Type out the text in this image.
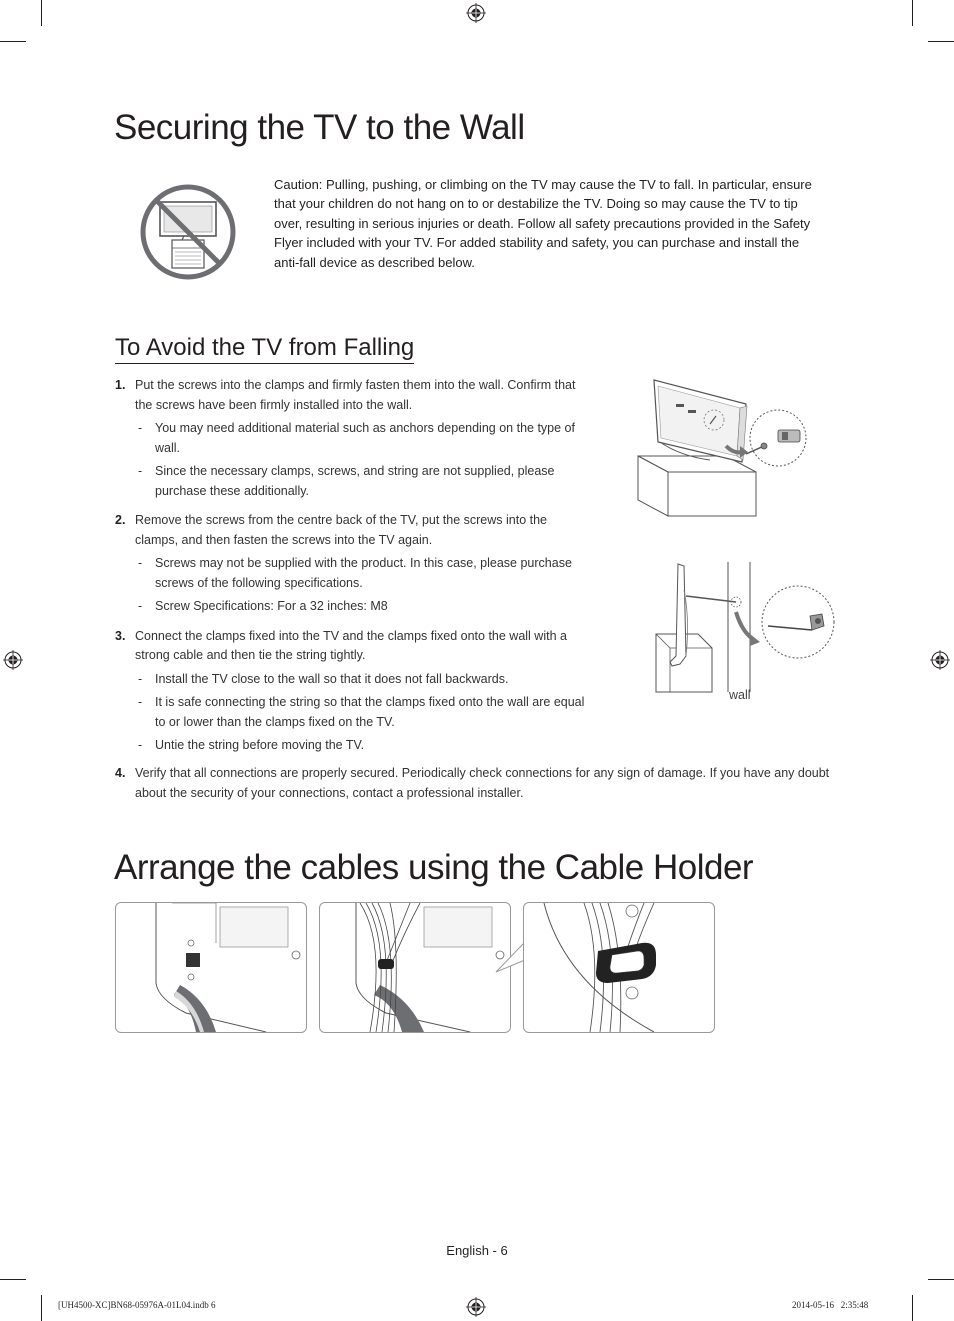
Securing the TV to the Wall
Caution: Pulling, pushing, or climbing on the TV may cause the TV to fall. In particular, ensure that your children do not hang on to or destabilize the TV. Doing so may cause the TV to tip over, resulting in serious injuries or death. Follow all safety precautions provided in the Safety Flyer included with your TV. For added stability and safety, you can purchase and install the anti-fall device as described below.
To Avoid the TV from Falling
1. Put the screws into the clamps and firmly fasten them into the wall. Confirm that the screws have been firmly installed into the wall.
- You may need additional material such as anchors depending on the type of wall.
- Since the necessary clamps, screws, and string are not supplied, please purchase these additionally.
2. Remove the screws from the centre back of the TV, put the screws into the clamps, and then fasten the screws into the TV again.
- Screws may not be supplied with the product. In this case, please purchase screws of the following specifications.
- Screw Specifications: For a 32 inches: M8
3. Connect the clamps fixed into the TV and the clamps fixed onto the wall with a strong cable and then tie the string tightly.
- Install the TV close to the wall so that it does not fall backwards.
- It is safe connecting the string so that the clamps fixed onto the wall are equal to or lower than the clamps fixed on the TV.
- Untie the string before moving the TV.
4. Verify that all connections are properly secured. Periodically check connections for any sign of damage. If you have any doubt about the security of your connections, contact a professional installer.
wall
Arrange the cables using the Cable Holder
English - 6
[UH4500-XC]BN68-05976A-01L04.indb 6	2014-05-16   2:35:48
